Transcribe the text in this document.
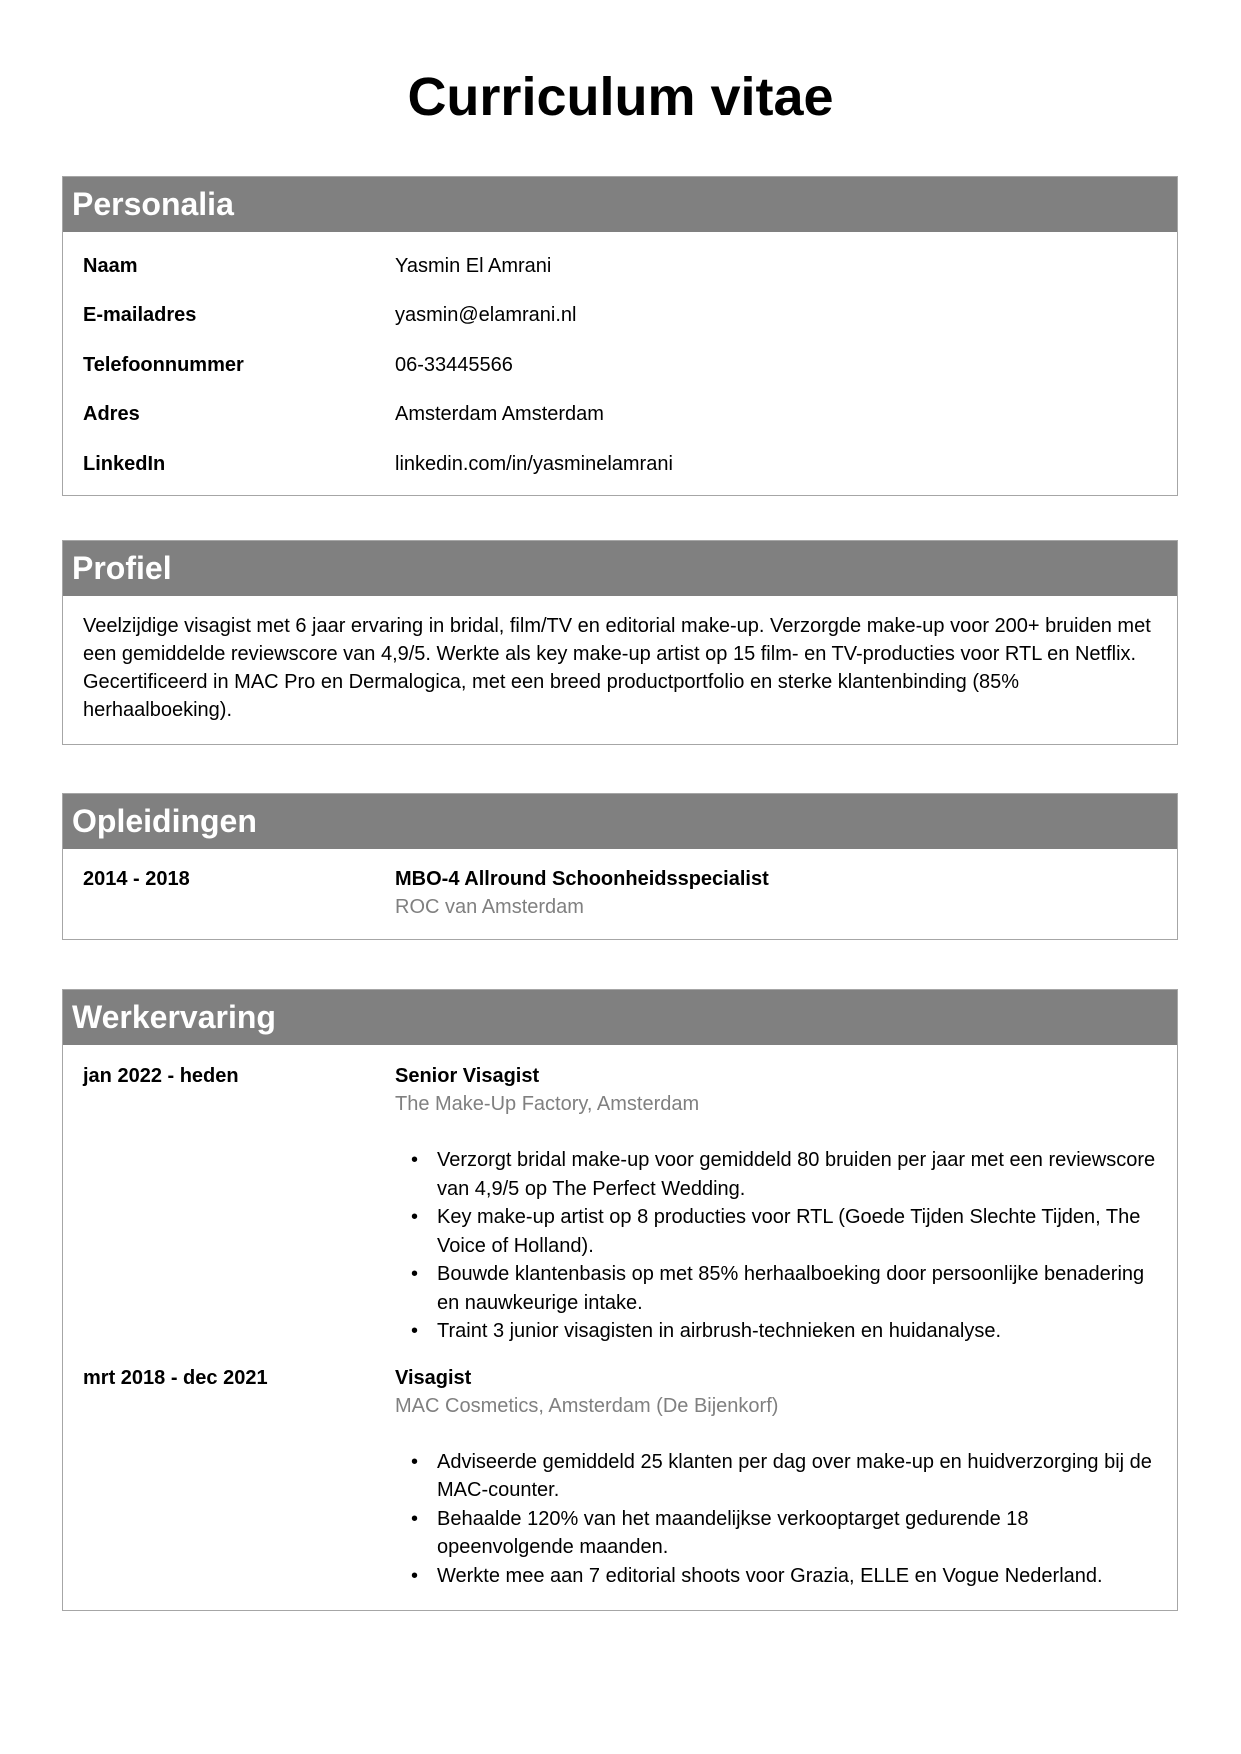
Curriculum vitae
Personalia
Naam	Yasmin El Amrani
E-mailadres	yasmin@elamrani.nl
Telefoonnummer	06-33445566
Adres	Amsterdam Amsterdam
LinkedIn	linkedin.com/in/yasminelamrani
Profiel
Veelzijdige visagist met 6 jaar ervaring in bridal, film/TV en editorial make-up. Verzorgde make-up voor 200+ bruiden met een gemiddelde reviewscore van 4,9/5. Werkte als key make-up artist op 15 film- en TV-producties voor RTL en Netflix. Gecertificeerd in MAC Pro en Dermalogica, met een breed productportfolio en sterke klantenbinding (85% herhaalboeking).
Opleidingen
2014 - 2018	MBO-4 Allround Schoonheidsspecialist
ROC van Amsterdam
Werkervaring
jan 2022 - heden	Senior Visagist
The Make-Up Factory, Amsterdam
• Verzorgt bridal make-up voor gemiddeld 80 bruiden per jaar met een reviewscore van 4,9/5 op The Perfect Wedding.
• Key make-up artist op 8 producties voor RTL (Goede Tijden Slechte Tijden, The Voice of Holland).
• Bouwde klantenbasis op met 85% herhaalboeking door persoonlijke benadering en nauwkeurige intake.
• Traint 3 junior visagisten in airbrush-technieken en huidanalyse.
mrt 2018 - dec 2021	Visagist
MAC Cosmetics, Amsterdam (De Bijenkorf)
• Adviseerde gemiddeld 25 klanten per dag over make-up en huidverzorging bij de MAC-counter.
• Behaalde 120% van het maandelijkse verkooptarget gedurende 18 opeenvolgende maanden.
• Werkte mee aan 7 editorial shoots voor Grazia, ELLE en Vogue Nederland.
